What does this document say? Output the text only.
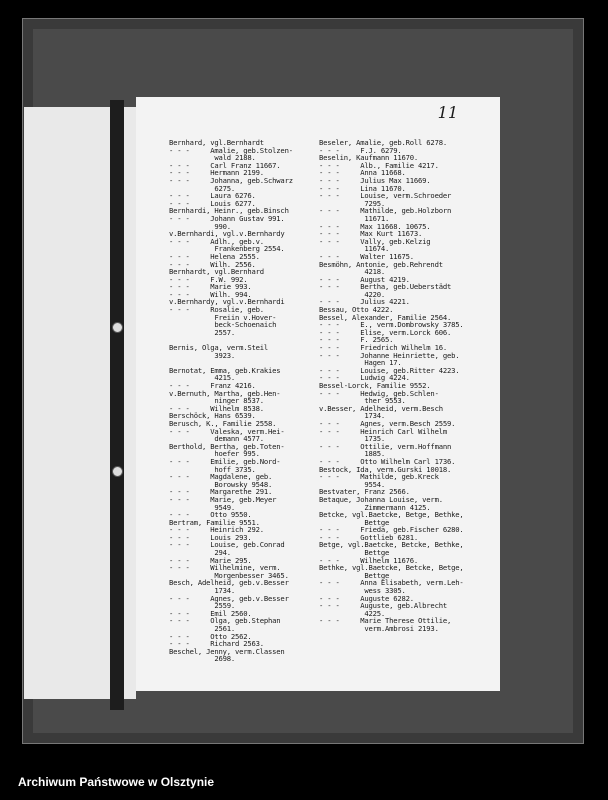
11
Bernhard, vgl.Bernhardt
- - -     Amalie, geb.Stolzen-
wald 2188.
- - -     Carl Franz 11667.
- - -     Hermann 2199.
- - -     Johanna, geb.Schwarz
6275.
- - -     Laura 6276.
- - -     Louis 6277.
Bernhardi, Heinr., geb.Binsch
- - -     Johann Gustav 991.
990.
v.Bernhardi, vgl.v.Bernhardy
- - -     Adlh., geb.v.
Frankenberg 2554.
- - -     Helena 2555.
- - -     Wilh. 2556.
Bernhardt, vgl.Bernhard
- - -     F.W. 992.
- - -     Marie 993.
- - -     Wilh. 994.
v.Bernhardy, vgl.v.Bernhardi
- - -     Rosalie, geb.
Freiin v.Hover-
beck-Schoenaich
2557.

Bernis, Olga, verm.Steil
3923.

Bernotat, Emma, geb.Krakies
4215.
- - -     Franz 4216.
v.Bernuth, Martha, geb.Hen-
ninger 8537.
- - -     Wilhelm 8538.
Berschöck, Hans 6539.
Berusch, K., Familie 2558.
- - -     Valeska, verm.Hei-
demann 4577.
Berthold, Bertha, geb.Toten-
hoefer 995.
- - -     Emilie, geb.Nord-
hoff 3735.
- - -     Magdalene, geb.
Borowsky 9548.
- - -     Margarethe 291.
- - -     Marie, geb.Meyer
9549.
- - -     Otto 9550.
Bertram, Familie 9551.
- - -     Heinrich 292.
- - -     Louis 293.
- - -     Louise, geb.Conrad
294.
- - -     Marie 295.
- - -     Wilhelmine, verm.
Morgenbesser 3465.
Besch, Adelheid, geb.v.Besser
1734.
- - -     Agnes, geb.v.Besser
2559.
- - -     Emil 2560.
- - -     Olga, geb.Stephan
2561.
- - -     Otto 2562.
- - -     Richard 2563.
Beschel, Jenny, verm.Classen
2698.
Beseler, Amalie, geb.Roll 6278.
- - -     F.J. 6279.
Beselin, Kaufmann 11670.
- - -     Alb., Familie 4217.
- - -     Anna 11668.
- - -     Julius Max 11669.
- - -     Lina 11670.
- - -     Louise, verm.Schroeder
7295.
- - -     Mathilde, geb.Holzborn
11671.
- - -     Max 11668. 10675.
- - -     Max Kurt 11673.
- - -     Vally, geb.Kelzig
11674.
- - -     Walter 11675.
Besmöhn, Antonie, geb.Rehrendt
4218.
- - -     August 4219.
- - -     Bertha, geb.Ueberstädt
4220.
- - -     Julius 4221.
Bessau, Otto 4222.
Bessel, Alexander, Familie 2564.
- - -     E., verm.Dombrowsky 3785.
- - -     Elise, verm.Lorck 606.
- - -     F. 2565.
- - -     Friedrich Wilhelm 16.
- - -     Johanne Heinriette, geb.
Hagen 17.
- - -     Louise, geb.Ritter 4223.
- - -     Ludwig 4224.
Bessel-Lorck, Familie 9552.
- - -     Hedwig, geb.Schlen-
ther 9553.
v.Besser, Adelheid, verm.Besch
1734.
- - -     Agnes, verm.Besch 2559.
- - -     Heinrich Carl Wilhelm
1735.
- - -     Ottilie, verm.Hoffmann
1885.
- - -     Otto Wilhelm Carl 1736.
Bestock, Ida, verm.Gurski 10018.
- - -     Mathilde, geb.Kreck
9554.
Bestvater, Franz 2566.
Betaque, Johanna Louise, verm.
Zimmermann 4125.
Betcke, vgl.Baetcke, Betge, Bethke,
Bettge
- - -     Frieda, geb.Fischer 6280.
- - -     Gottlieb 6281.
Betge, vgl.Baetcke, Betcke, Bethke,
Bettge
- - -     Wilhelm 11676.
Bethke, vgl.Baetcke, Betcke, Betge,
Bettge
- - -     Anna Elisabeth, verm.Leh-
wess 3305.
- - -     Auguste 6282.
- - -     Auguste, geb.Albrecht
4225.
- - -     Marie Therese Ottilie,
verm.Ambrosi 2193.
Archiwum Państwowe w Olsztynie
